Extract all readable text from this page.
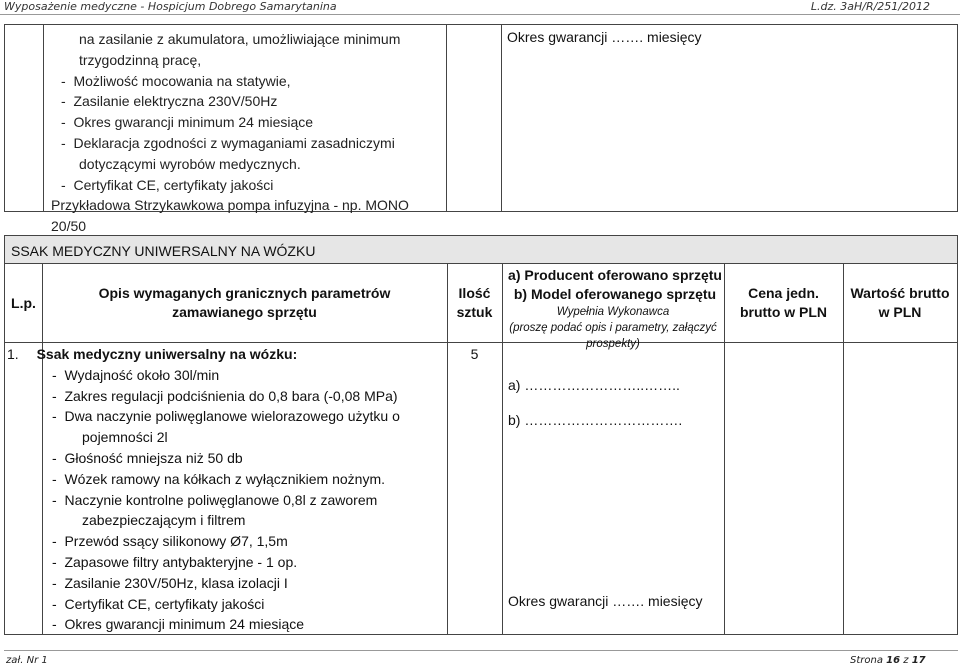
Wyposażenie medyczne - Hospicjum Dobrego Samarytanina	L.dz. 3aH/R/251/2012
na zasilanie z akumulatora, umożliwiające minimum
trzygodzinną pracę,
- Możliwość mocowania na statywie,
- Zasilanie elektryczna 230V/50Hz
- Okres gwarancji minimum 24 miesiące
- Deklaracja zgodności z wymaganiami zasadniczymi
dotyczącymi wyrobów medycznych.
- Certyfikat CE, certyfikaty jakości
Przykładowa Strzykawkowa pompa infuzyjna - np. MONO 20/50
Okres gwarancji ……. miesięcy
SSAK MEDYCZNY UNIWERSALNY NA WÓZKU
L.p.
Opis wymaganych granicznych parametrów zamawianego sprzętu
Ilość sztuk
a) Producent oferowano sprzętu
b) Model oferowanego sprzętu
Wypełnia Wykonawca
(proszę podać opis i parametry, załączyć prospekty)
Cena jedn. brutto w PLN
Wartość brutto w PLN
1. Ssak medyczny uniwersalny na wózku:
- Wydajność około 30l/min
- Zakres regulacji podciśnienia do 0,8 bara (-0,08 MPa)
- Dwa naczynie poliwęglanowe wielorazowego użytku o
pojemności 2l
- Głośność mniejsza niż 50 db
- Wózek ramowy na kółkach z wyłącznikiem nożnym.
- Naczynie kontrolne poliwęglanowe 0,8l z zaworem
zabezpieczającym i filtrem
- Przewód ssący silikonowy Ø7, 1,5m
- Zapasowe filtry antybakteryjne - 1 op.
- Zasilanie 230V/50Hz, klasa izolacji I
- Certyfikat CE, certyfikaty jakości
- Okres gwarancji minimum 24 miesiące
5
a) ……………………..……..
b) …………………………….
Okres gwarancji ……. miesięcy
zał. Nr 1	Strona 16 z 17
